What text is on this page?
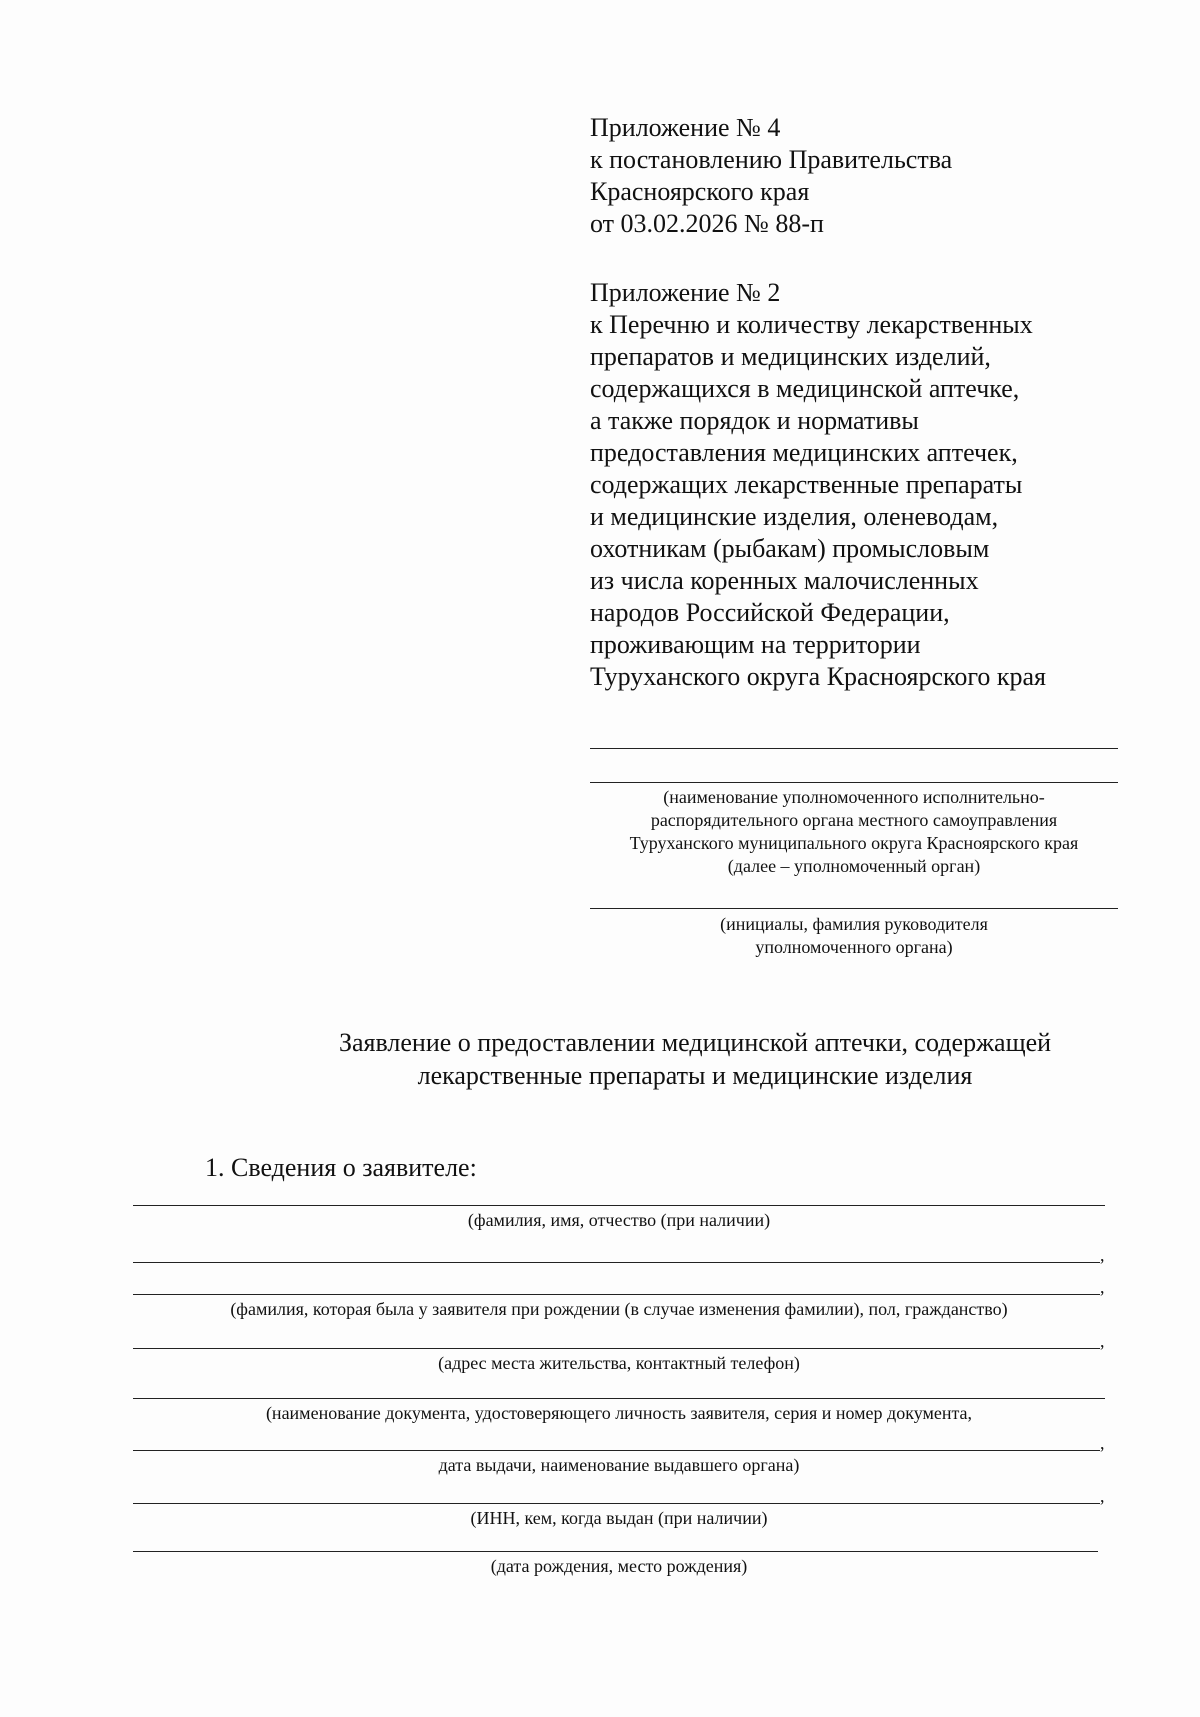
Приложение № 4
к постановлению Правительства
Красноярского края
от 03.02.2026 № 88-п
Приложение № 2
к Перечню и количеству лекарственных
препаратов и медицинских изделий,
содержащихся в медицинской аптечке,
а также порядок и нормативы
предоставления медицинских аптечек,
содержащих лекарственные препараты
и медицинские изделия, оленеводам,
охотникам (рыбакам) промысловым
из числа коренных малочисленных
народов Российской Федерации,
проживающим на территории
Туруханского округа Красноярского края
(наименование уполномоченного исполнительно-
распорядительного органа местного самоуправления
Туруханского муниципального округа Красноярского края
(далее – уполномоченный орган)
(инициалы, фамилия руководителя
уполномоченного органа)
Заявление о предоставлении медицинской аптечки, содержащей
лекарственные препараты и медицинские изделия
1. Сведения о заявителе:
(фамилия, имя, отчество (при наличии)
,
,
(фамилия, которая была у заявителя при рождении (в случае изменения фамилии), пол, гражданство)
,
(адрес места жительства, контактный телефон)
(наименование документа, удостоверяющего личность заявителя, серия и номер документа,
,
дата выдачи, наименование выдавшего органа)
,
(ИНН, кем, когда выдан (при наличии)
(дата рождения, место рождения)
